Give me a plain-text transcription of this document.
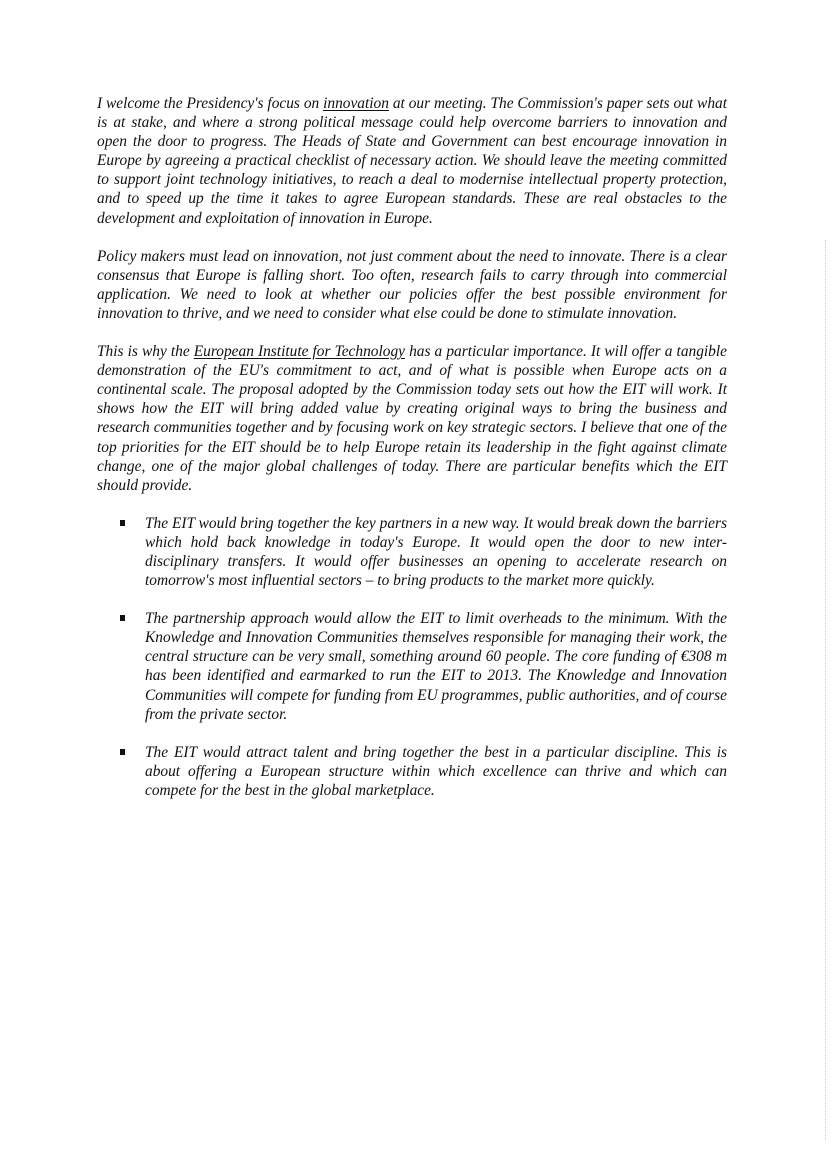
I welcome the Presidency's focus on innovation at our meeting. The Commission's paper sets out what is at stake, and where a strong political message could help overcome barriers to innovation and open the door to progress. The Heads of State and Government can best encourage innovation in Europe by agreeing a practical checklist of necessary action. We should leave the meeting committed to support joint technology initiatives, to reach a deal to modernise intellectual property protection, and to speed up the time it takes to agree European standards. These are real obstacles to the development and exploitation of innovation in Europe.

Policy makers must lead on innovation, not just comment about the need to innovate. There is a clear consensus that Europe is falling short. Too often, research fails to carry through into commercial application. We need to look at whether our policies offer the best possible environment for innovation to thrive, and we need to consider what else could be done to stimulate innovation.

This is why the European Institute for Technology has a particular importance. It will offer a tangible demonstration of the EU's commitment to act, and of what is possible when Europe acts on a continental scale. The proposal adopted by the Commission today sets out how the EIT will work. It shows how the EIT will bring added value by creating original ways to bring the business and research communities together and by focusing work on key strategic sectors. I believe that one of the top priorities for the EIT should be to help Europe retain its leadership in the fight against climate change, one of the major global challenges of today. There are particular benefits which the EIT should provide.

The EIT would bring together the key partners in a new way. It would break down the barriers which hold back knowledge in today's Europe. It would open the door to new inter-disciplinary transfers. It would offer businesses an opening to accelerate research on tomorrow's most influential sectors – to bring products to the market more quickly.
The partnership approach would allow the EIT to limit overheads to the minimum. With the Knowledge and Innovation Communities themselves responsible for managing their work, the central structure can be very small, something around 60 people. The core funding of €308 m has been identified and earmarked to run the EIT to 2013. The Knowledge and Innovation Communities will compete for funding from EU programmes, public authorities, and of course from the private sector.
The EIT would attract talent and bring together the best in a particular discipline. This is about offering a European structure within which excellence can thrive and which can compete for the best in the global marketplace.
